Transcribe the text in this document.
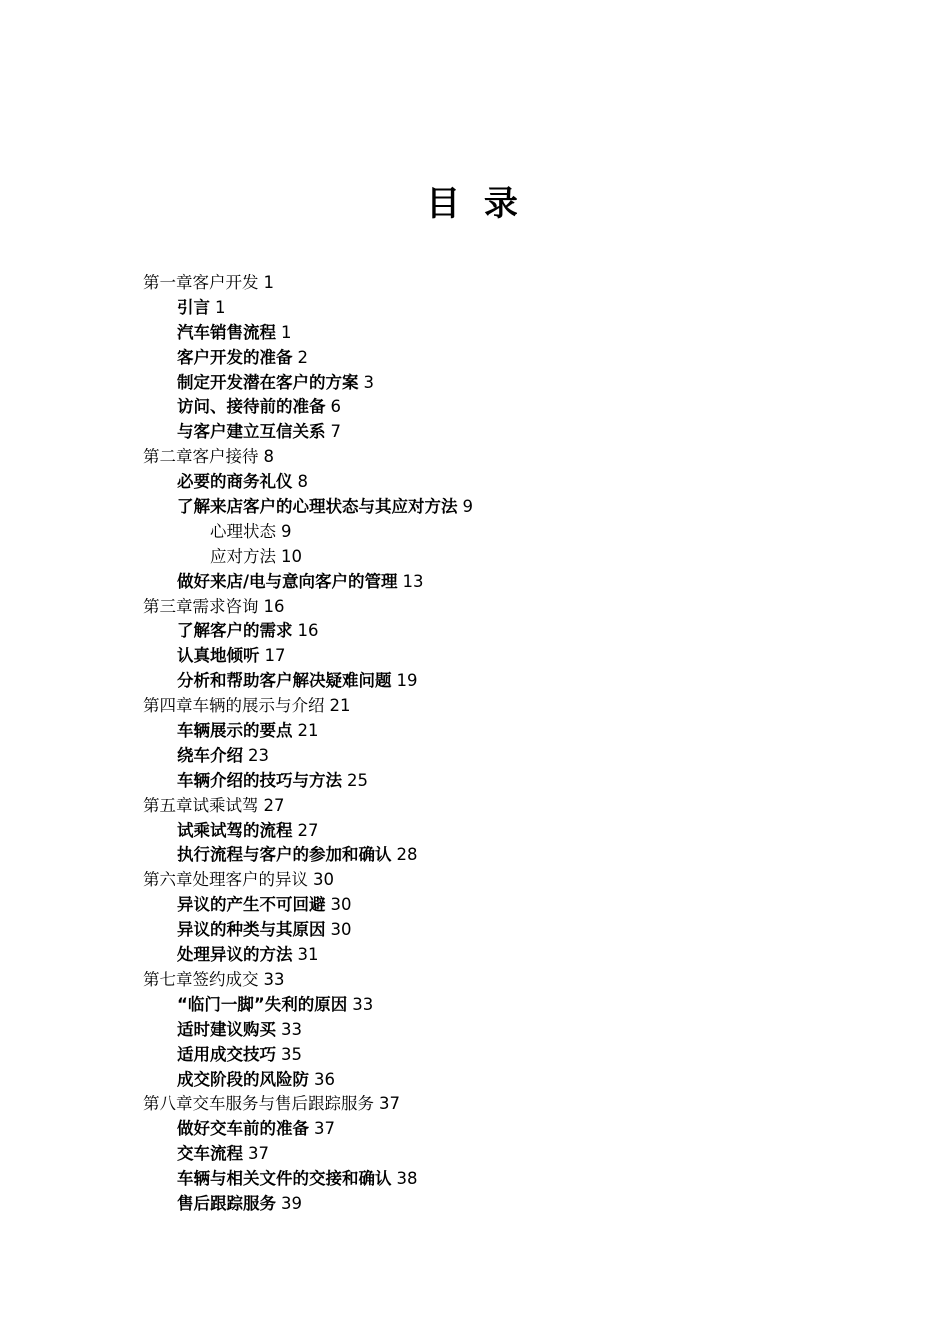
目 录
第一章客户开发 1
引言 1
汽车销售流程 1
客户开发的准备 2
制定开发潜在客户的方案 3
访问、接待前的准备 6
与客户建立互信关系 7
第二章客户接待 8
必要的商务礼仪 8
了解来店客户的心理状态与其应对方法 9
心理状态 9
应对方法 10
做好来店/电与意向客户的管理 13
第三章需求咨询 16
了解客户的需求 16
认真地倾听 17
分析和帮助客户解决疑难问题 19
第四章车辆的展示与介绍 21
车辆展示的要点 21
绕车介绍 23
车辆介绍的技巧与方法 25
第五章试乘试驾 27
试乘试驾的流程 27
执行流程与客户的参加和确认 28
第六章处理客户的异议 30
异议的产生不可回避 30
异议的种类与其原因 30
处理异议的方法 31
第七章签约成交 33
“临门一脚”失利的原因 33
适时建议购买 33
适用成交技巧 35
成交阶段的风险防 36
第八章交车服务与售后跟踪服务 37
做好交车前的准备 37
交车流程 37
车辆与相关文件的交接和确认 38
售后跟踪服务 39
